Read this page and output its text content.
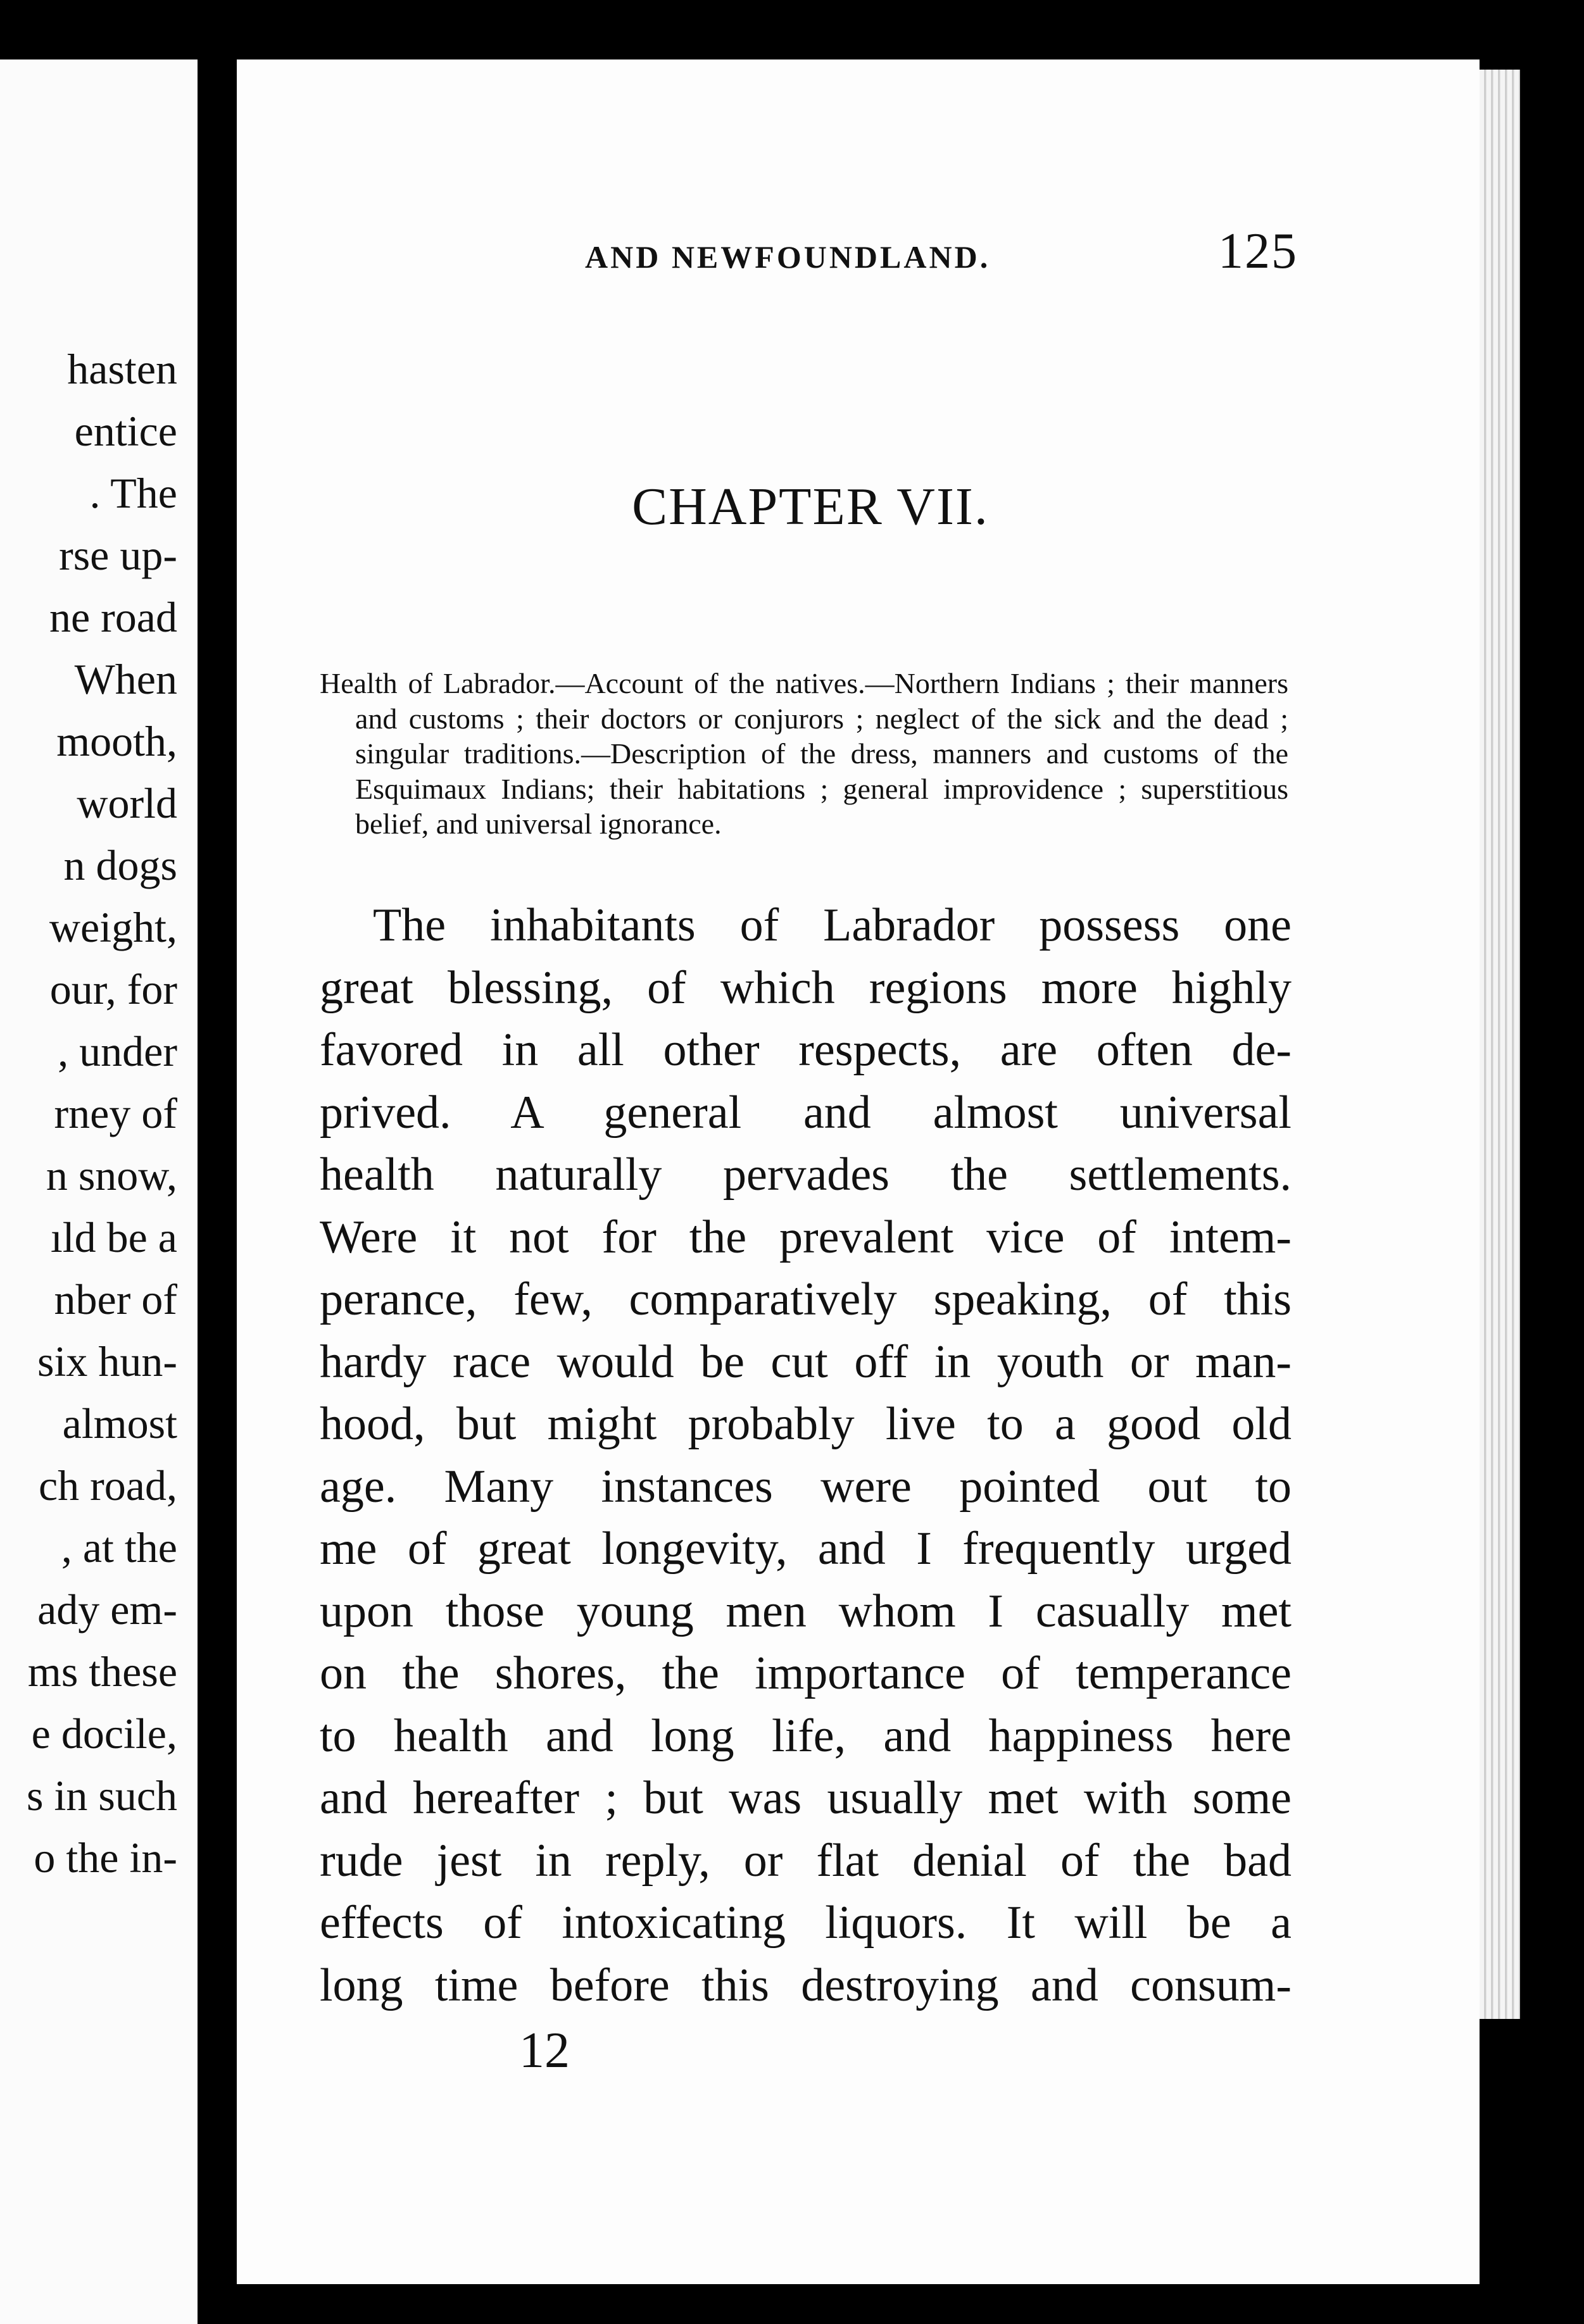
hasten
entice
. The
rse up-
ne road
When
mooth,
world
n dogs
weight,
our, for
, under
rney of
n snow,
ıld be a
nber of
six hun-
almost
ch road,
, at the
ady em-
ms these
e docile,
s in such
o the in-
AND NEWFOUNDLAND.	125
CHAPTER VII.

Health of Labrador.—Account of the natives.—Northern Indians ; their manners and customs ; their doctors or conjurors ; neglect of the sick and the dead ; singular traditions.—Description of the dress, manners and customs of the Esquimaux Indians; their habitations ; general improvidence ; superstitious belief, and universal ignorance.

The inhabitants of Labrador possess one
great blessing, of which regions more highly
favored in all other respects, are often de-
prived. A general and almost universal
health naturally pervades the settlements.
Were it not for the prevalent vice of intem-
perance, few, comparatively speaking, of this
hardy race would be cut off in youth or man-
hood, but might probably live to a good old
age. Many instances were pointed out to
me of great longevity, and I frequently urged
upon those young men whom I casually met
on the shores, the importance of temperance
to health and long life, and happiness here
and hereafter ; but was usually met with some
rude jest in reply, or flat denial of the bad
effects of intoxicating liquors. It will be a
long time before this destroying and consum-
12
